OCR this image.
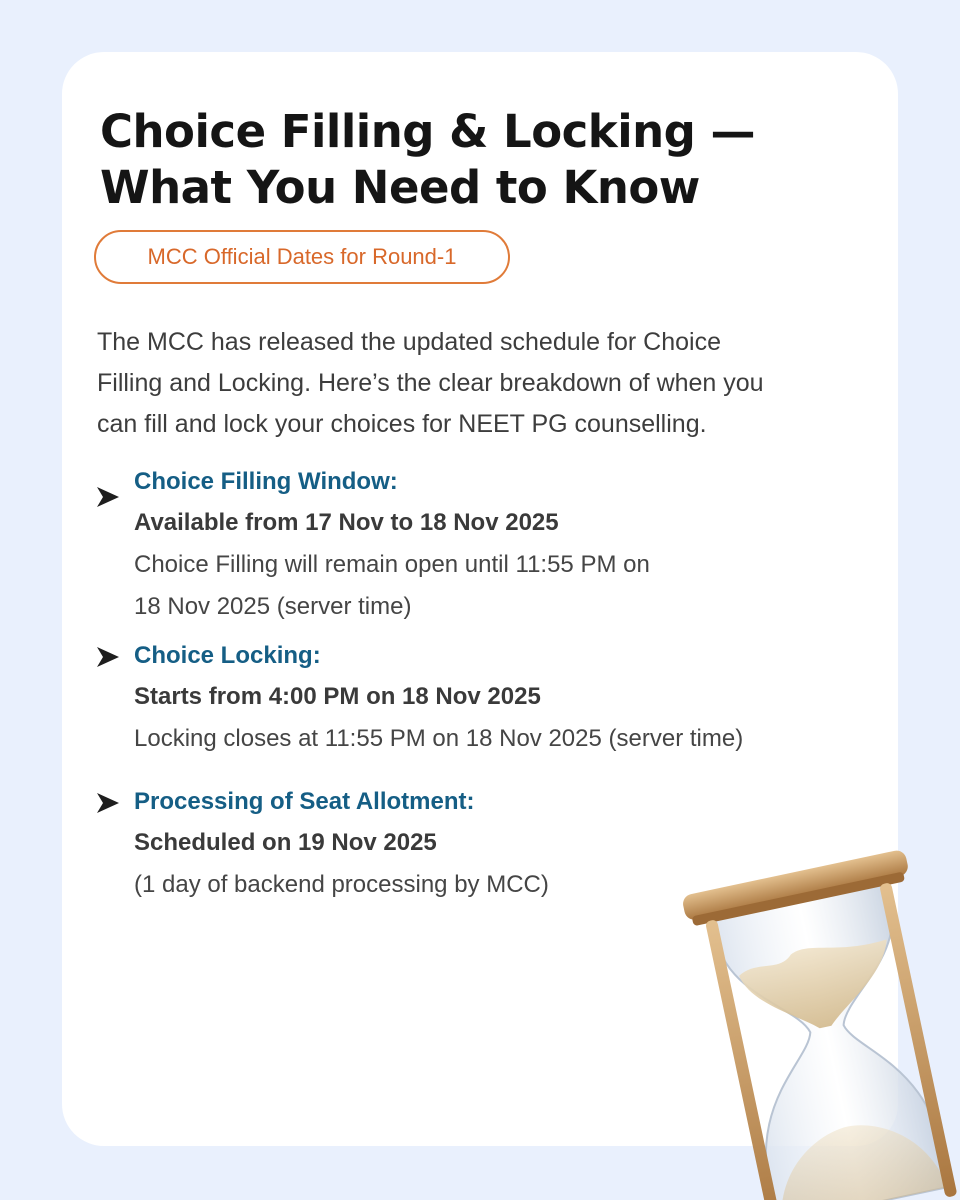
Choice Filling & Locking —
What You Need to Know
MCC Official Dates for Round-1

The MCC has released the updated schedule for Choice
Filling and Locking. Here’s the clear breakdown of when you
can fill and lock your choices for NEET PG counselling.

Choice Filling Window:
Available from 17 Nov to 18 Nov 2025
Choice Filling will remain open until 11:55 PM on
18 Nov 2025 (server time)
Choice Locking:
Starts from 4:00 PM on 18 Nov 2025
Locking closes at 11:55 PM on 18 Nov 2025 (server time)
Processing of Seat Allotment:
Scheduled on 19 Nov 2025
(1 day of backend processing by MCC)
